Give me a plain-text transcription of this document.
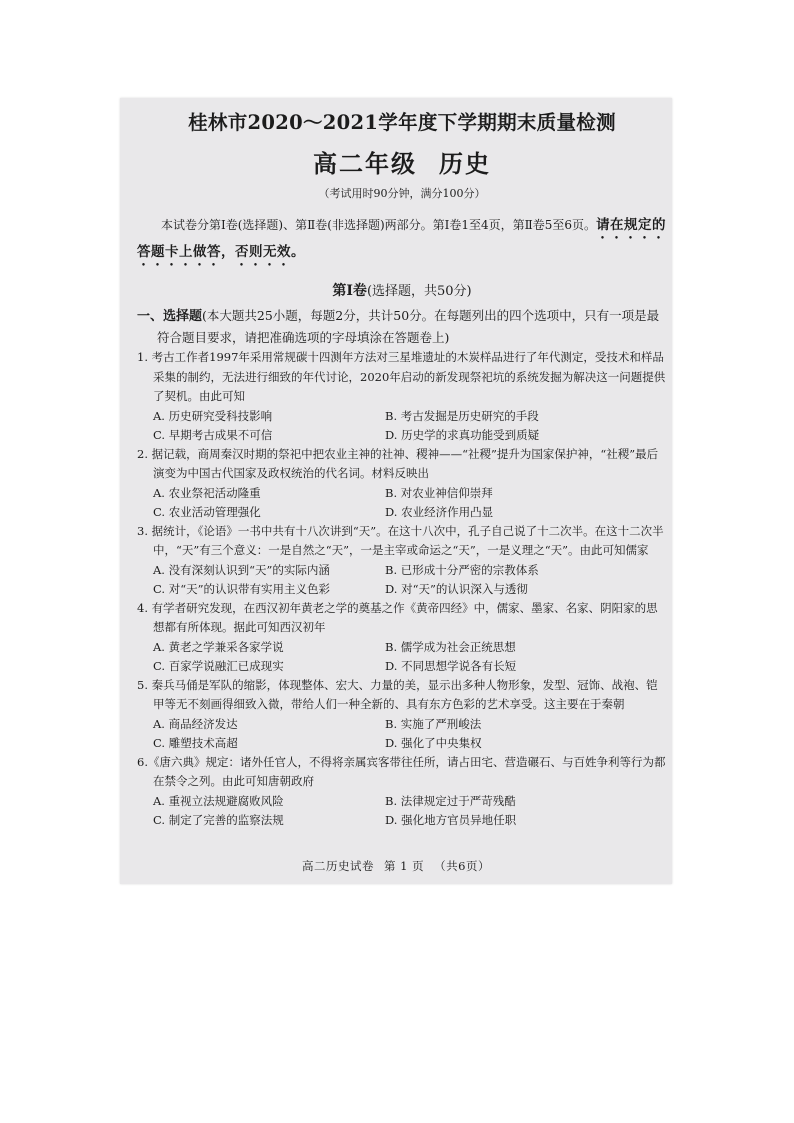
桂林市2020～2021学年度下学期期末质量检测
高二年级 历史
（考试用时90分钟，满分100分）
本试卷分第Ⅰ卷(选择题)、第Ⅱ卷(非选择题)两部分。第Ⅰ卷1至4页，第Ⅱ卷5至6页。请在规定的答题卡上做答，否则无效。
第Ⅰ卷(选择题，共50分)
一、选择题(本大题共25小题，每题2分，共计50分。在每题列出的四个选项中，只有一项是最符合题目要求，请把准确选项的字母填涂在答题卷上)

1. 考古工作者1997年采用常规碳十四测年方法对三星堆遗址的木炭样品进行了年代测定，受技术和样品采集的制约，无法进行细致的年代讨论，2020年启动的新发现祭祀坑的系统发掘为解决这一问题提供了契机。由此可知

A. 历史研究受科技影响	B. 考古发掘是历史研究的手段
C. 早期考古成果不可信	D. 历史学的求真功能受到质疑

2. 据记载，商周秦汉时期的祭祀中把农业主神的社神、稷神——“社稷”提升为国家保护神，“社稷”最后演变为中国古代国家及政权统治的代名词。材料反映出

A. 农业祭祀活动隆重	B. 对农业神信仰崇拜
C. 农业活动管理强化	D. 农业经济作用凸显

3. 据统计，《论语》一书中共有十八次讲到“天”。在这十八次中，孔子自己说了十二次半。在这十二次半中，“天”有三个意义：一是自然之“天”，一是主宰或命运之“天”，一是义理之“天”。由此可知儒家

A. 没有深刻认识到“天”的实际内涵	B. 已形成十分严密的宗教体系
C. 对“天”的认识带有实用主义色彩	D. 对“天”的认识深入与透彻

4. 有学者研究发现，在西汉初年黄老之学的奠基之作《黄帝四经》中，儒家、墨家、名家、阴阳家的思想都有所体现。据此可知西汉初年

A. 黄老之学兼采各家学说	B. 儒学成为社会正统思想
C. 百家学说融汇已成现实	D. 不同思想学说各有长短

5. 秦兵马俑是军队的缩影，体现整体、宏大、力量的美，显示出多种人物形象，发型、冠饰、战袍、铠甲等无不刻画得细致入微，带给人们一种全新的、具有东方色彩的艺术享受。这主要在于秦朝

A. 商品经济发达	B. 实施了严刑峻法
C. 雕塑技术高超	D. 强化了中央集权

6.《唐六典》规定：诸外任官人，不得将亲属宾客带往任所，请占田宅、营造碾石、与百姓争利等行为都在禁令之列。由此可知唐朝政府

A. 重视立法规避腐败风险	B. 法律规定过于严苛残酷
C. 制定了完善的监察法规	D. 强化地方官员异地任职
高二历史试卷 第 1 页 （共6页）
